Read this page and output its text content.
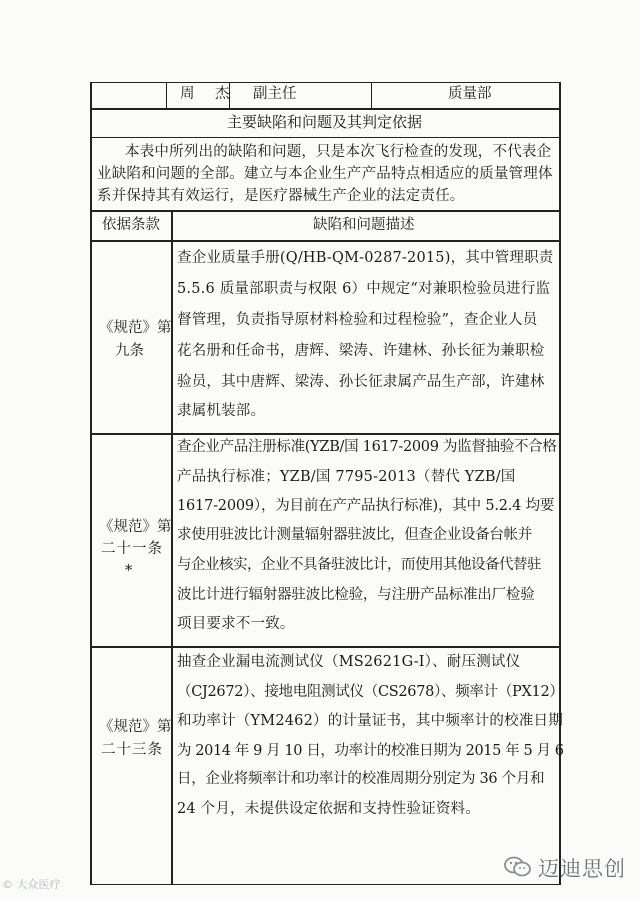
周　杰 副主任	质量部
主要缺陷和问题及其判定依据
本表中所列出的缺陷和问题，只是本次飞行检查的发现，不代表企
业缺陷和问题的全部。建立与本企业生产产品特点相适应的质量管理体
系并保持其有效运行，是医疗器械生产企业的法定责任。
依据条款	缺陷和问题描述
《规范》第
九条
查企业质量手册(Q/HB-QM-0287-2015)，其中管理职责
5.5.6 质量部职责与权限 6）中规定“对兼职检验员进行监
督管理，负责指导原材料检验和过程检验”，查企业人员
花名册和任命书，唐辉、梁涛、许建林、孙长征为兼职检
验员，其中唐辉、梁涛、孙长征隶属产品生产部，许建林
隶属机装部。
《规范》第
二十一条
*
查企业产品注册标准(YZB/国 1617-2009 为监督抽验不合格
产品执行标准；YZB/国 7795-2013（替代 YZB/国
1617-2009），为目前在产产品执行标准)，其中 5.2.4 均要
求使用驻波比计测量辐射器驻波比，但查企业设备台帐并
与企业核实，企业不具备驻波比计，而使用其他设备代替驻
波比计进行辐射器驻波比检验，与注册产品标准出厂检验
项目要求不一致。
《规范》第
二十三条
抽查企业漏电流测试仪（MS2621G-I）、耐压测试仪
（CJ2672）、接地电阻测试仪（CS2678）、频率计（PX12）
和功率计（YM2462）的计量证书，其中频率计的校准日期
为 2014 年 9 月 10 日，功率计的校准日期为 2015 年 5 月 6
日，企业将频率计和功率计的校准周期分别定为 36 个月和
24 个月，未提供设定依据和支持性验证资料。
© 大众医疗
迈迪思创
